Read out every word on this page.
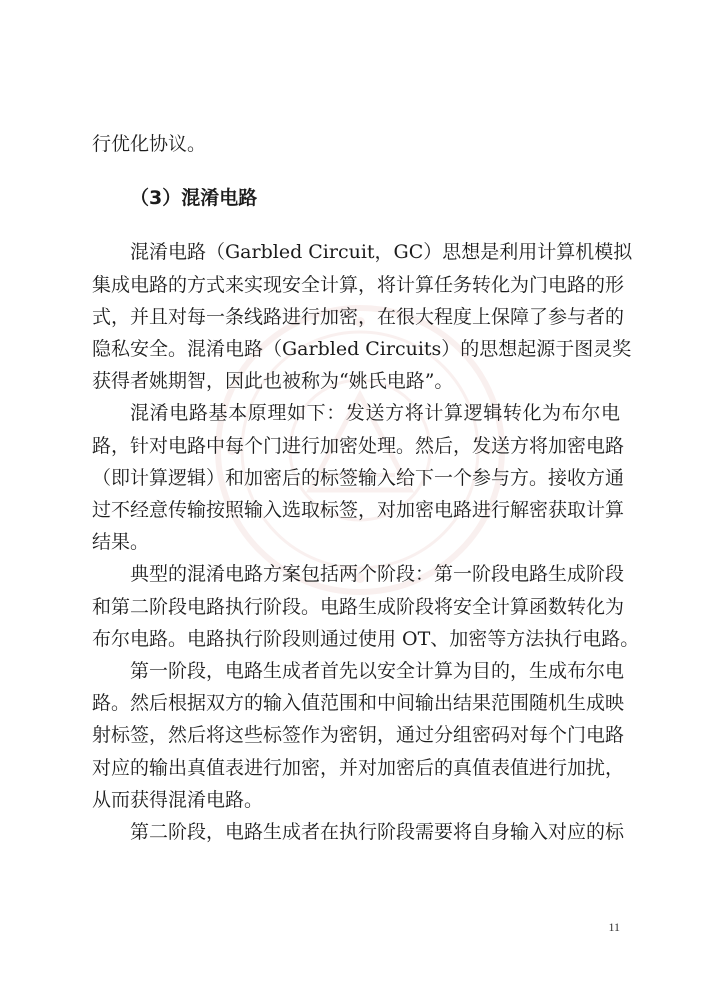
行优化协议。
（3）混淆电路
混淆电路（Garbled Circuit，GC）思想是利用计算机模拟
集成电路的方式来实现安全计算，将计算任务转化为门电路的形
式，并且对每一条线路进行加密，在很大程度上保障了参与者的
隐私安全。混淆电路（Garbled Circuits）的思想起源于图灵奖
获得者姚期智，因此也被称为“姚氏电路”。
混淆电路基本原理如下：发送方将计算逻辑转化为布尔电
路，针对电路中每个门进行加密处理。然后，发送方将加密电路
（即计算逻辑）和加密后的标签输入给下一个参与方。接收方通
过不经意传输按照输入选取标签，对加密电路进行解密获取计算
结果。
典型的混淆电路方案包括两个阶段：第一阶段电路生成阶段
和第二阶段电路执行阶段。电路生成阶段将安全计算函数转化为
布尔电路。电路执行阶段则通过使用 OT、加密等方法执行电路。
第一阶段，电路生成者首先以安全计算为目的，生成布尔电
路。然后根据双方的输入值范围和中间输出结果范围随机生成映
射标签，然后将这些标签作为密钥，通过分组密码对每个门电路
对应的输出真值表进行加密，并对加密后的真值表值进行加扰，
从而获得混淆电路。
第二阶段，电路生成者在执行阶段需要将自身输入对应的标
11
